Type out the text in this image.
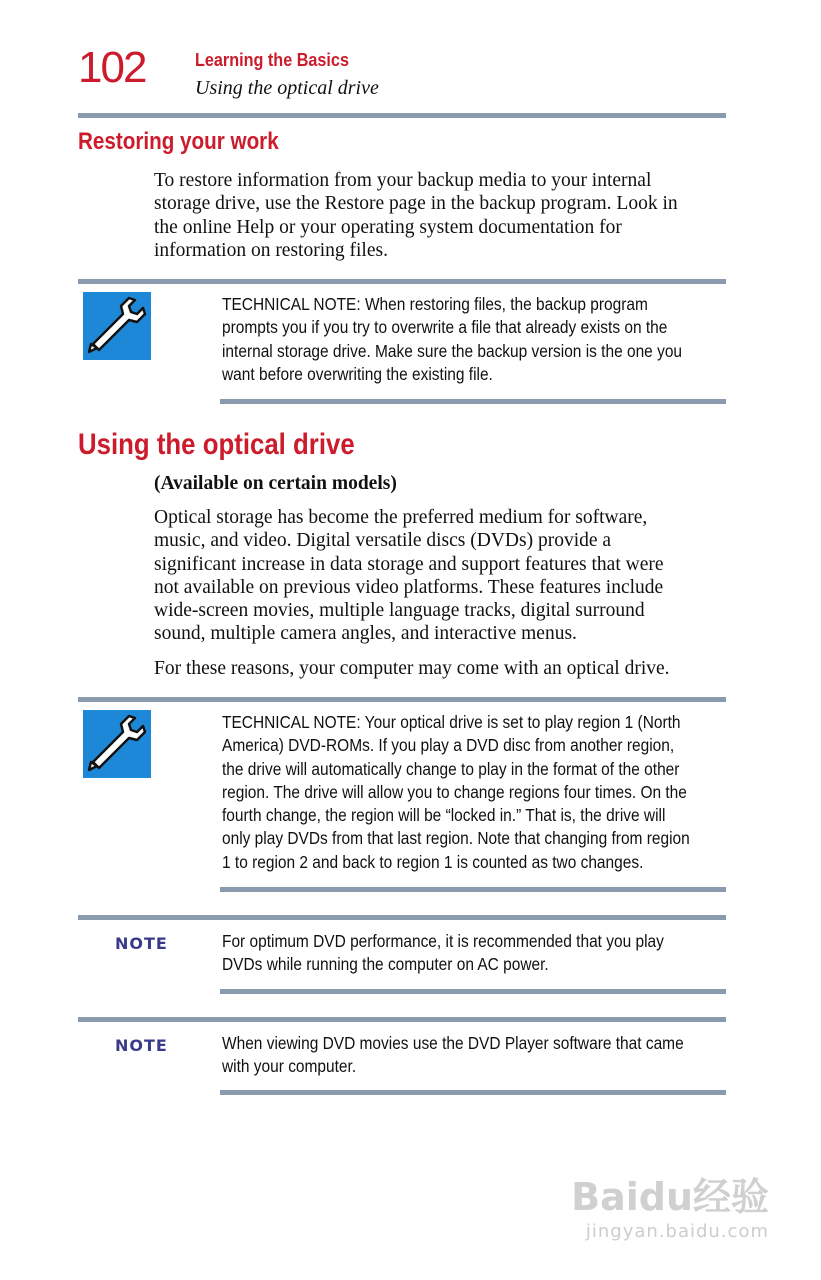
102	Learning the Basics
Using the optical drive
Restoring your work
To restore information from your backup media to your internal
storage drive, use the Restore page in the backup program. Look in
the online Help or your operating system documentation for
information on restoring files.
TECHNICAL NOTE: When restoring files, the backup program
prompts you if you try to overwrite a file that already exists on the
internal storage drive. Make sure the backup version is the one you
want before overwriting the existing file.
Using the optical drive
(Available on certain models)
Optical storage has become the preferred medium for software,
music, and video. Digital versatile discs (DVDs) provide a
significant increase in data storage and support features that were
not available on previous video platforms. These features include
wide-screen movies, multiple language tracks, digital surround
sound, multiple camera angles, and interactive menus.
For these reasons, your computer may come with an optical drive.
TECHNICAL NOTE: Your optical drive is set to play region 1 (North
America) DVD-ROMs. If you play a DVD disc from another region,
the drive will automatically change to play in the format of the other
region. The drive will allow you to change regions four times. On the
fourth change, the region will be “locked in.” That is, the drive will
only play DVDs from that last region. Note that changing from region
1 to region 2 and back to region 1 is counted as two changes.
NOTE	For optimum DVD performance, it is recommended that you play
DVDs while running the computer on AC power.
NOTE	When viewing DVD movies use the DVD Player software that came
with your computer.
Baidu经验
jingyan.baidu.com
